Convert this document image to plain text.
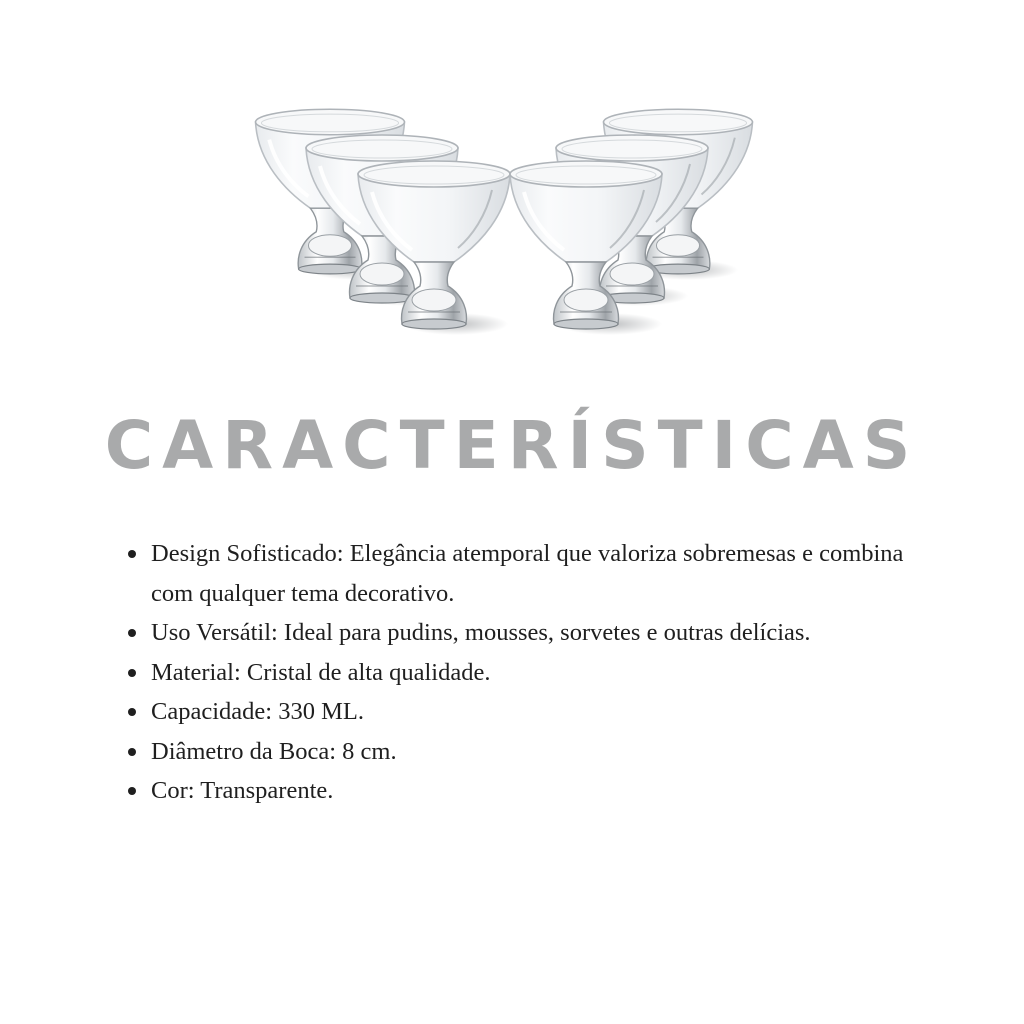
CARACTERÍSTICAS
Design Sofisticado: Elegância atemporal que valoriza sobremesas e combina com qualquer tema decorativo.
Uso Versátil: Ideal para pudins, mousses, sorvetes e outras delícias.
Material: Cristal de alta qualidade.
Capacidade: 330 ML.
Diâmetro da Boca: 8 cm.
Cor: Transparente.
